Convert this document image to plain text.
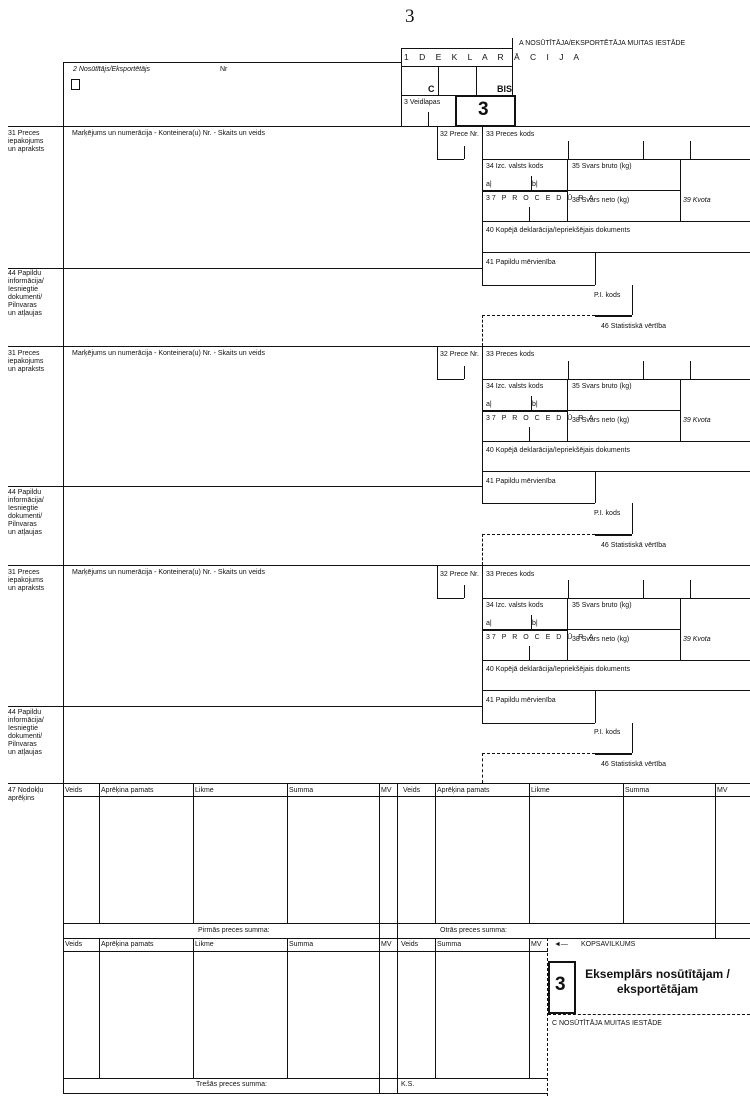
3
A NOSŪTĪTĀJA/EKSPORTĒTĀJA MUITAS IESTĀDE
1 D E K L A R Ā C I J A
C	BIS
2 Nosūtītājs/Eksportētājs	Nr
3 Veidlapas 3
31 Preces
iepakojums
un apraksts
Marķējums un numerācija - Konteinera(u) Nr. - Skaits un veids	32 Prece Nr. 33 Preces kods
34 Izc. valsts kods
a|	b|
35 Svars bruto (kg)
37 P R O C E D Ū R A
38 Svars neto (kg)	39 Kvota
40 Kopējā deklarācija/Iepriekšējais dokuments
41 Papildu mērvienība
44 Papildu
informācija/
Iesniegtie
dokumenti/
Pilnvaras
un atļaujas
P.I. kods
46 Statistiskā vērtība
31 Preces
iepakojums
un apraksts
Marķējums un numerācija - Konteinera(u) Nr. - Skaits un veids	32 Prece Nr. 33 Preces kods
34 Izc. valsts kods
a|	b|
35 Svars bruto (kg)
37 P R O C E D Ū R A
38 Svars neto (kg)	39 Kvota
40 Kopējā deklarācija/Iepriekšējais dokuments
41 Papildu mērvienība
44 Papildu
informācija/
Iesniegtie
dokumenti/
Pilnvaras
un atļaujas
P.I. kods
46 Statistiskā vērtība
31 Preces
iepakojums
un apraksts
Marķējums un numerācija - Konteinera(u) Nr. - Skaits un veids	32 Prece Nr. 33 Preces kods
34 Izc. valsts kods
a|	b|
35 Svars bruto (kg)
37 P R O C E D Ū R A
38 Svars neto (kg)	39 Kvota
40 Kopējā deklarācija/Iepriekšējais dokuments
41 Papildu mērvienība
44 Papildu
informācija/
Iesniegtie
dokumenti/
Pilnvaras
un atļaujas
P.I. kods
46 Statistiskā vērtība
47 Nodokļu
aprēķins
Veids	Aprēķina pamats	Likme	Summa	MV Veids Aprēķina pamats	Likme	Summa	MV
Pirmās preces summa:	Otrās preces summa:
Veids	Aprēķina pamats	Likme	Summa	MV Veids	Summa	MV ◄— KOPSAVILKUMS
Trešās preces summa:	K.S.
3	Eksemplārs nosūtītājam /
eksportētājam
C NOSŪTĪTĀJA MUITAS IESTĀDE
